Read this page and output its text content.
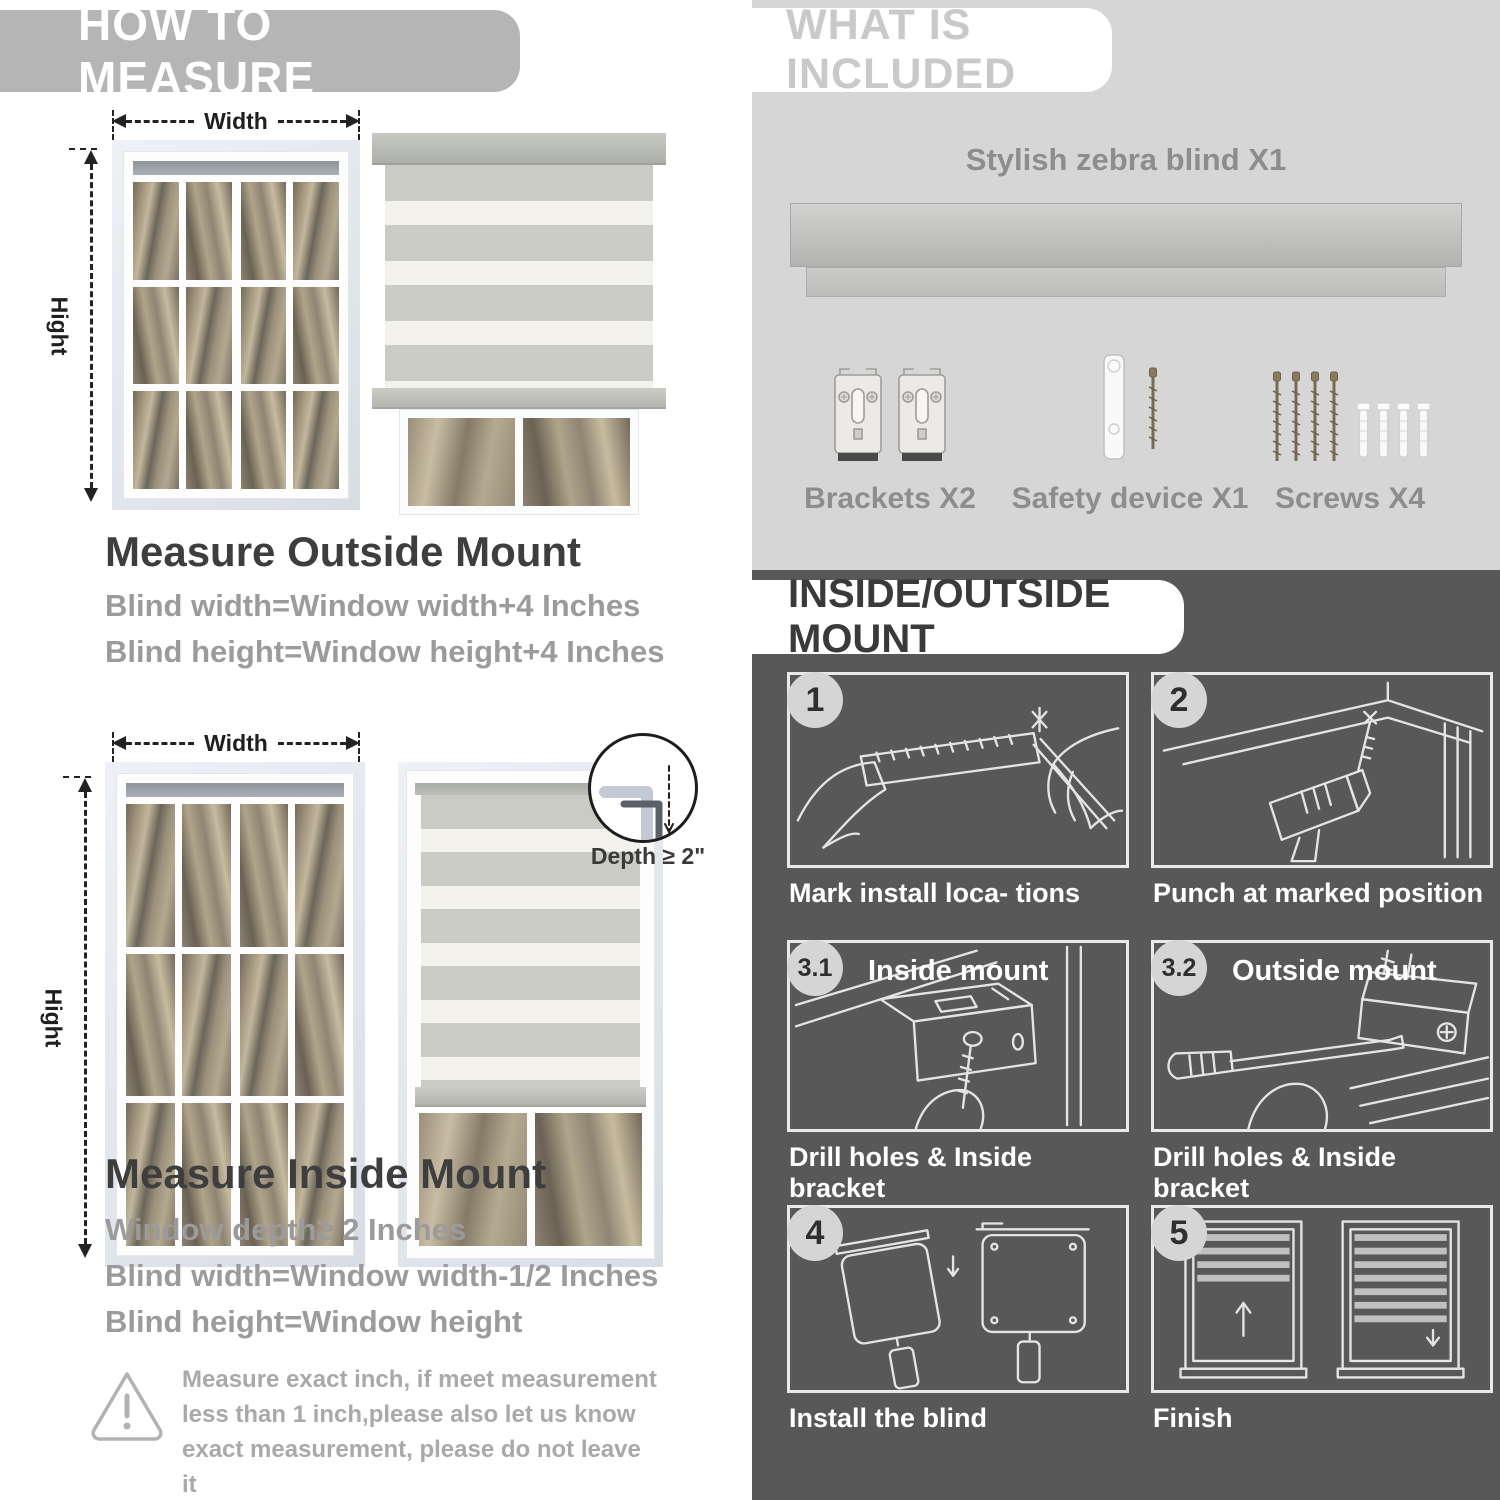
HOW TO MEASURE
Width
Hight
Measure Outside Mount
Blind width=Window width+4 Inches
Blind height=Window height+4 Inches
Width
Hight
Depth ≥ 2"
Measure Inside Mount
Window depth≥ 2 Inches
Blind width=Window width-1/2 Inches
Blind height=Window height
Measure exact inch, if meet measurement less than 1 inch,please also let us know exact measurement, please do not leave it
WHAT IS INCLUDED
Stylish zebra blind X1
Brackets X2	Safety device X1 Screws X4
INSIDE/OUTSIDE MOUNT
1
Mark install loca- tions
2
Punch at marked position
3.1	Inside mount
Drill holes & Inside bracket
3.2	Outside mount
Drill holes & Inside bracket
4
Install the blind
5
Finish
